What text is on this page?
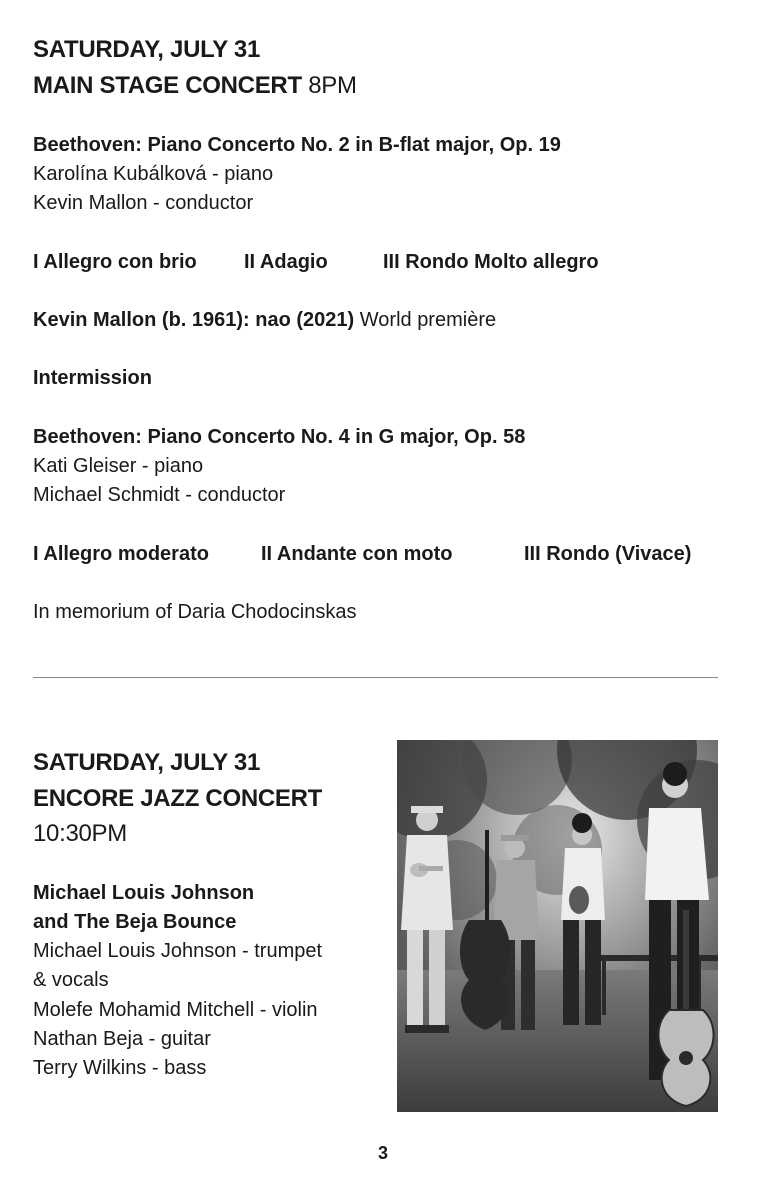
SATURDAY, JULY 31
MAIN STAGE CONCERT 8PM
Beethoven: Piano Concerto No. 2 in B-flat major, Op. 19
Karolína Kubálková - piano
Kevin Mallon - conductor
I Allegro con brio II Adagio	III Rondo Molto allegro
Kevin Mallon (b. 1961): nao (2021) World première
Intermission
Beethoven: Piano Concerto No. 4 in G major, Op. 58
Kati Gleiser - piano
Michael Schmidt - conductor
I Allegro moderato	II Andante con moto	III Rondo (Vivace)
In memorium of Daria Chodocinskas
SATURDAY, JULY 31
ENCORE JAZZ CONCERT
10:30PM
Michael Louis Johnson
and The Beja Bounce
Michael Louis Johnson - trumpet
& vocals
Molefe Mohamid Mitchell - violin
Nathan Beja - guitar
Terry Wilkins - bass
3
